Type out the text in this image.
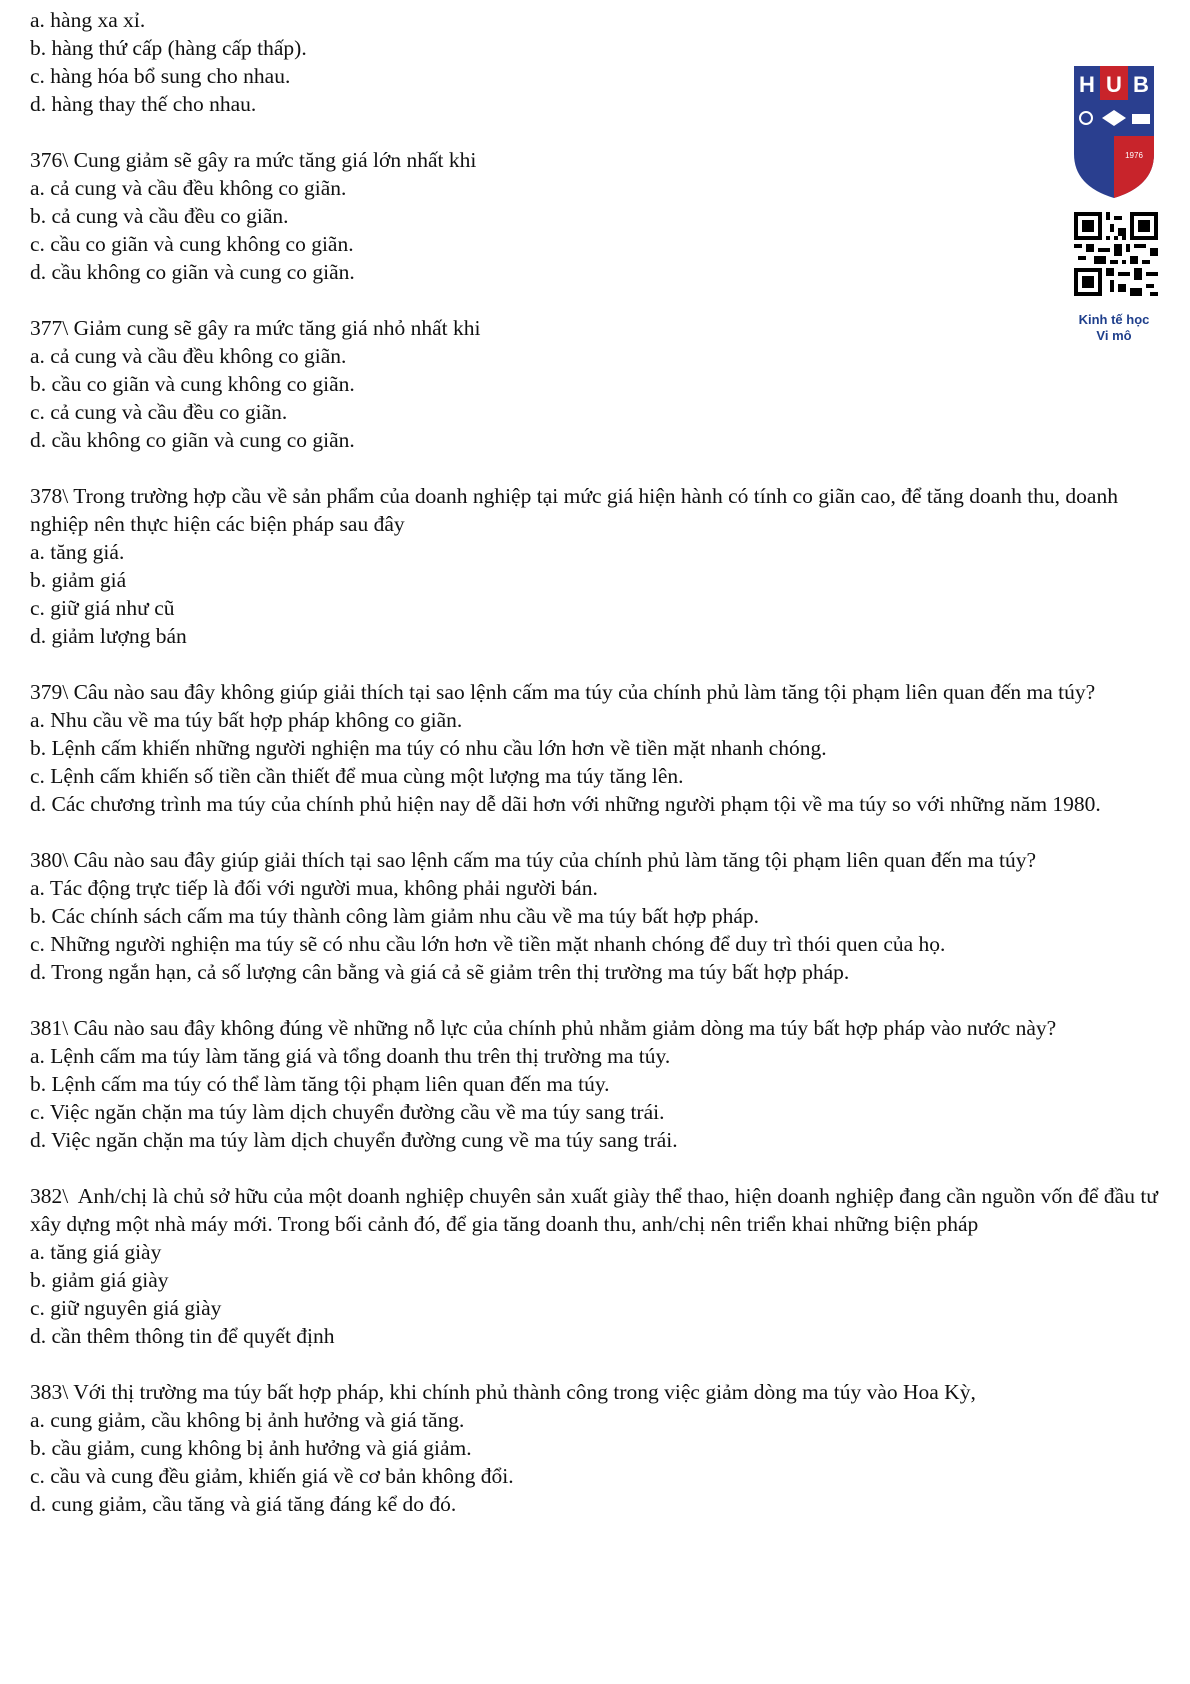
a. hàng xa xỉ.
b. hàng thứ cấp (hàng cấp thấp).
c. hàng hóa bổ sung cho nhau.
d. hàng thay thế cho nhau.
376\ Cung giảm sẽ gây ra mức tăng giá lớn nhất khi
a. cả cung và cầu đều không co giãn.
b. cả cung và cầu đều co giãn.
c. cầu co giãn và cung không co giãn.
d. cầu không co giãn và cung co giãn.
377\ Giảm cung sẽ gây ra mức tăng giá nhỏ nhất khi
a. cả cung và cầu đều không co giãn.
b. cầu co giãn và cung không co giãn.
c. cả cung và cầu đều co giãn.
d. cầu không co giãn và cung co giãn.
378\ Trong trường hợp cầu về sản phẩm của doanh nghiệp tại mức giá hiện hành có tính co giãn cao, để tăng doanh thu, doanh nghiệp nên thực hiện các biện pháp sau đây
a. tăng giá.
b. giảm giá
c. giữ giá như cũ
d. giảm lượng bán
379\ Câu nào sau đây không giúp giải thích tại sao lệnh cấm ma túy của chính phủ làm tăng tội phạm liên quan đến ma túy?
a. Nhu cầu về ma túy bất hợp pháp không co giãn.
b. Lệnh cấm khiến những người nghiện ma túy có nhu cầu lớn hơn về tiền mặt nhanh chóng.
c. Lệnh cấm khiến số tiền cần thiết để mua cùng một lượng ma túy tăng lên.
d. Các chương trình ma túy của chính phủ hiện nay dễ dãi hơn với những người phạm tội về ma túy so với những năm 1980.
380\ Câu nào sau đây giúp giải thích tại sao lệnh cấm ma túy của chính phủ làm tăng tội phạm liên quan đến ma túy?
a. Tác động trực tiếp là đối với người mua, không phải người bán.
b. Các chính sách cấm ma túy thành công làm giảm nhu cầu về ma túy bất hợp pháp.
c. Những người nghiện ma túy sẽ có nhu cầu lớn hơn về tiền mặt nhanh chóng để duy trì thói quen của họ.
d. Trong ngắn hạn, cả số lượng cân bằng và giá cả sẽ giảm trên thị trường ma túy bất hợp pháp.
381\ Câu nào sau đây không đúng về những nỗ lực của chính phủ nhằm giảm dòng ma túy bất hợp pháp vào nước này?
a. Lệnh cấm ma túy làm tăng giá và tổng doanh thu trên thị trường ma túy.
b. Lệnh cấm ma túy có thể làm tăng tội phạm liên quan đến ma túy.
c. Việc ngăn chặn ma túy làm dịch chuyển đường cầu về ma túy sang trái.
d. Việc ngăn chặn ma túy làm dịch chuyển đường cung về ma túy sang trái.
382\  Anh/chị là chủ sở hữu của một doanh nghiệp chuyên sản xuất giày thể thao, hiện doanh nghiệp đang cần nguồn vốn để đầu tư xây dựng một nhà máy mới. Trong bối cảnh đó, để gia tăng doanh thu, anh/chị nên triển khai những biện pháp
a. tăng giá giày
b. giảm giá giày
c. giữ nguyên giá giày
d. cần thêm thông tin để quyết định
383\ Với thị trường ma túy bất hợp pháp, khi chính phủ thành công trong việc giảm dòng ma túy vào Hoa Kỳ,
a. cung giảm, cầu không bị ảnh hưởng và giá tăng.
b. cầu giảm, cung không bị ảnh hưởng và giá giảm.
c. cầu và cung đều giảm, khiến giá về cơ bản không đổi.
d. cung giảm, cầu tăng và giá tăng đáng kể do đó.
H U B
1976
Kinh tế học
Vi mô
